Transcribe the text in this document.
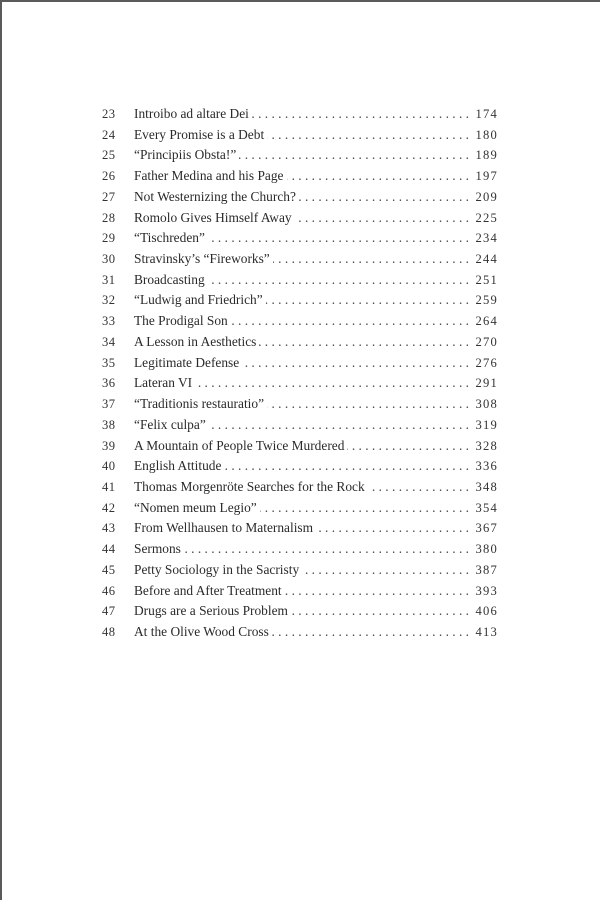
23	Introibo ad altare Dei . . .	174
24	Every Promise is a Debt . . .	180
25	“Principiis Obsta!” . . .	189
26	Father Medina and his Page . . .	197
27	Not Westernizing the Church? . . .	209
28	Romolo Gives Himself Away . . .	225
29	“Tischreden” . . .	234
30	Stravinsky’s “Fireworks” . . .	244
31	Broadcasting . . .	251
32	“Ludwig and Friedrich” . . .	259
33	The Prodigal Son . . .	264
34	A Lesson in Aesthetics . . .	270
35	Legitimate Defense . . .	276
36	Lateran VI . . .	291
37	“Traditionis restauratio” . . .	308
38	“Felix culpa” . . .	319
39	A Mountain of People Twice Murdered . . .	328
40	English Attitude . . .	336
41	Thomas Morgenröte Searches for the Rock . . .	348
42	“Nomen meum Legio” . . .	354
43	From Wellhausen to Maternalism . . .	367
44	Sermons . . .	380
45	Petty Sociology in the Sacristy . . .	387
46	Before and After Treatment . . .	393
47	Drugs are a Serious Problem . . .	406
48	At the Olive Wood Cross . . .	413
